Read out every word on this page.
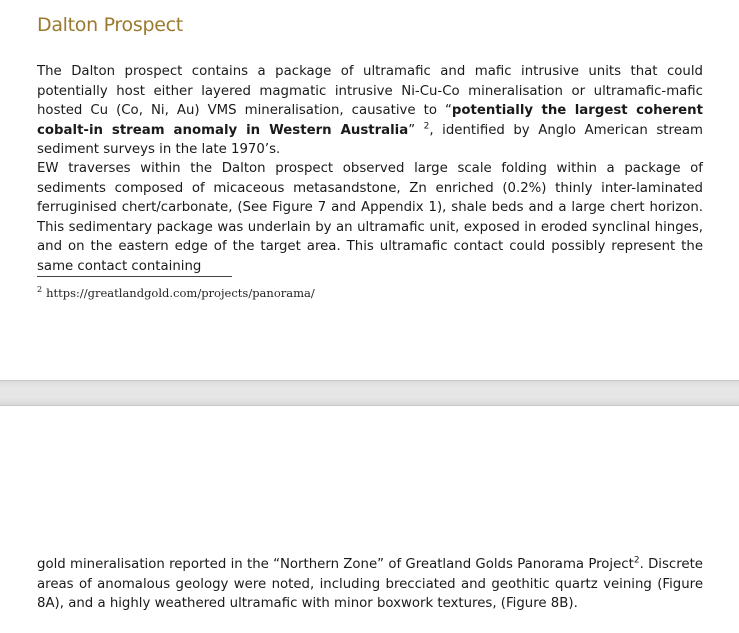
Dalton Prospect

The Dalton prospect contains a package of ultramafic and mafic intrusive units that could potentially host either layered magmatic intrusive Ni-Cu-Co mineralisation or ultramafic-mafic hosted Cu (Co, Ni, Au) VMS mineralisation, causative to “potentially the largest coherent cobalt-in stream anomaly in Western Australia” $^2$, identified by Anglo American stream sediment surveys in the late 1970’s.

EW traverses within the Dalton prospect observed large scale folding within a package of sediments composed of micaceous metasandstone, Zn enriched (0.2%) thinly inter-laminated ferruginised chert/carbonate, (See Figure 7 and Appendix 1), shale beds and a large chert horizon. This sedimentary package was underlain by an ultramafic unit, exposed in eroded synclinal hinges, and on the eastern edge of the target area. This ultramafic contact could possibly represent the same contact containing

$^2$ https://greatlandgold.com/projects/panorama/

gold mineralisation reported in the “Northern Zone” of Greatland Golds Panorama Project$^2$. Discrete areas of anomalous geology were noted, including brecciated and geothitic quartz veining (Figure 8A), and a highly weathered ultramafic with minor boxwork textures, (Figure 8B).
